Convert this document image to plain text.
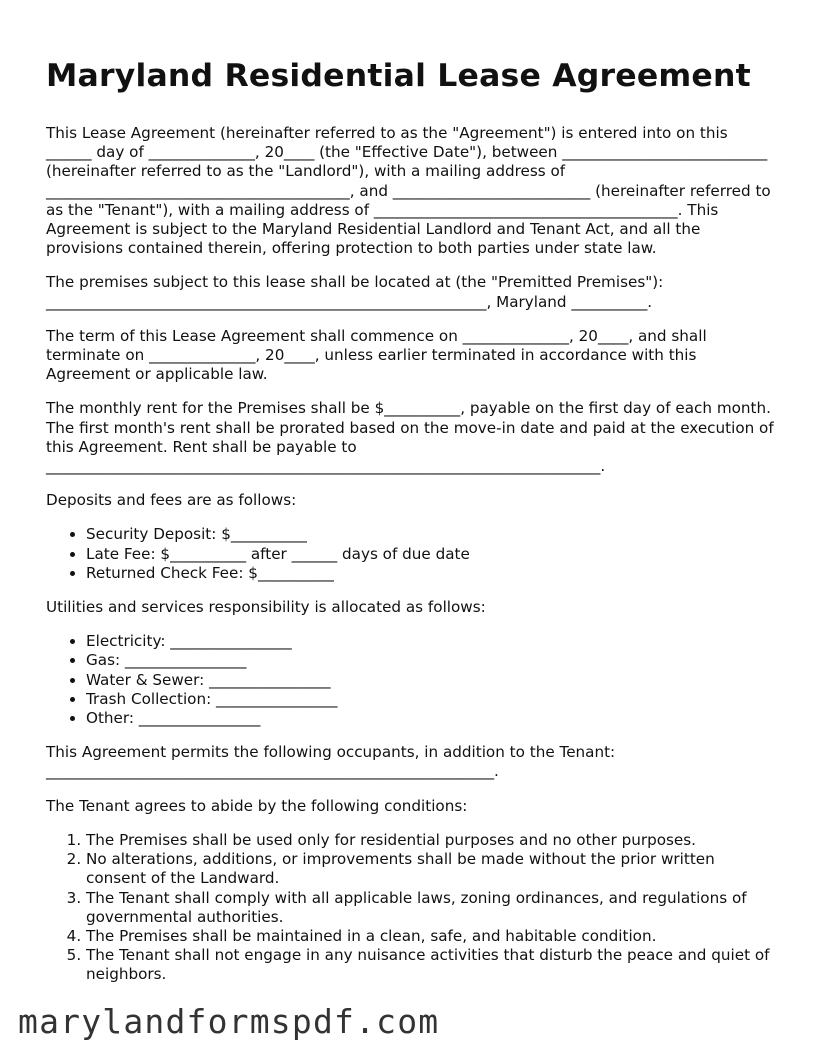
Maryland Residential Lease Agreement

This Lease Agreement (hereinafter referred to as the "Agreement") is entered into on this ______ day of ______________, 20____ (the "Effective Date"), between ___________________________ (hereinafter referred to as the "Landlord"), with a mailing address of ________________________________________, and __________________________ (hereinafter referred to as the "Tenant"), with a mailing address of ________________________________________. This Agreement is subject to the Maryland Residential Landlord and Tenant Act, and all the provisions contained therein, offering protection to both parties under state law.

The premises subject to this lease shall be located at (the "Premitted Premises"): __________________________________________________________, Maryland __________.

The term of this Lease Agreement shall commence on ______________, 20____, and shall terminate on ______________, 20____, unless earlier terminated in accordance with this Agreement or applicable law.

The monthly rent for the Premises shall be $__________, payable on the first day of each month. The first month's rent shall be prorated based on the move-in date and paid at the execution of this Agreement. Rent shall be payable to _________________________________________________________________________.

Deposits and fees are as follows:

• Security Deposit: $__________
• Late Fee: $__________ after ______ days of due date
• Returned Check Fee: $__________

Utilities and services responsibility is allocated as follows:

• Electricity: ________________
• Gas: ________________
• Water & Sewer: ________________
• Trash Collection: ________________
• Other: ________________

This Agreement permits the following occupants, in addition to the Tenant: ___________________________________________________________.

The Tenant agrees to abide by the following conditions:

1. The Premises shall be used only for residential purposes and no other purposes.
2. No alterations, additions, or improvements shall be made without the prior written consent of the Landward.
3. The Tenant shall comply with all applicable laws, zoning ordinances, and regulations of governmental authorities.
4. The Premises shall be maintained in a clean, safe, and habitable condition.
5. The Tenant shall not engage in any nuisance activities that disturb the peace and quiet of neighbors.
marylandformspdf.com
